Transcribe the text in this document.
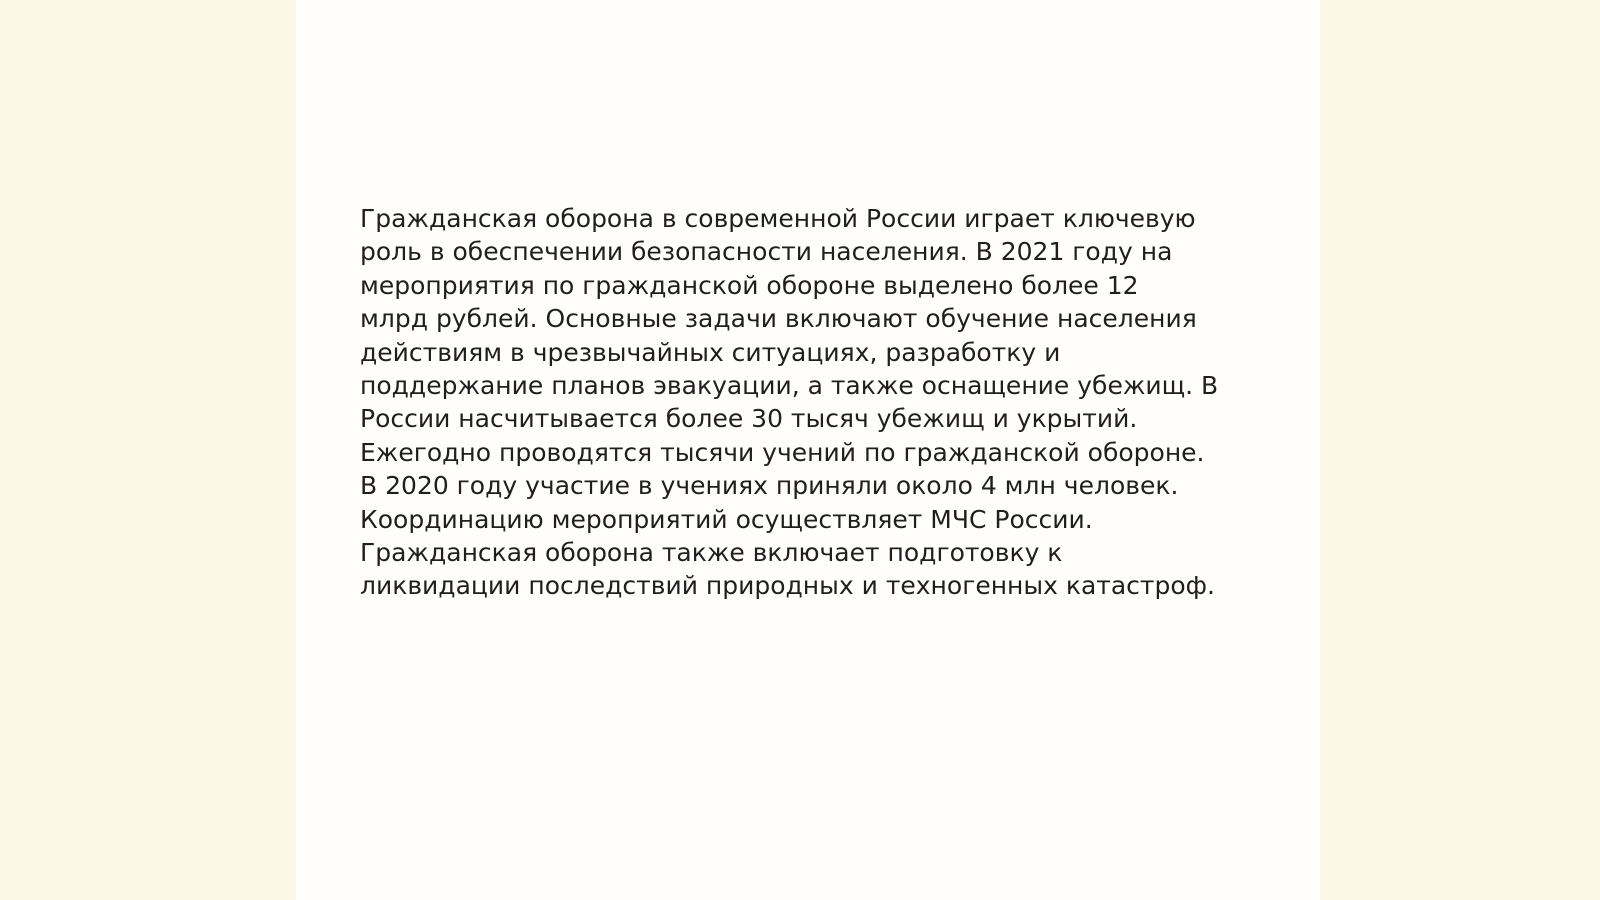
Гражданская оборона в современной России играет ключевую
роль в обеспечении безопасности населения. В 2021 году на
мероприятия по гражданской обороне выделено более 12
млрд рублей. Основные задачи включают обучение населения
действиям в чрезвычайных ситуациях, разработку и
поддержание планов эвакуации, а также оснащение убежищ. В
России насчитывается более 30 тысяч убежищ и укрытий.
Ежегодно проводятся тысячи учений по гражданской обороне.
В 2020 году участие в учениях приняли около 4 млн человек.
Координацию мероприятий осуществляет МЧС России.
Гражданская оборона также включает подготовку к
ликвидации последствий природных и техногенных катастроф.
